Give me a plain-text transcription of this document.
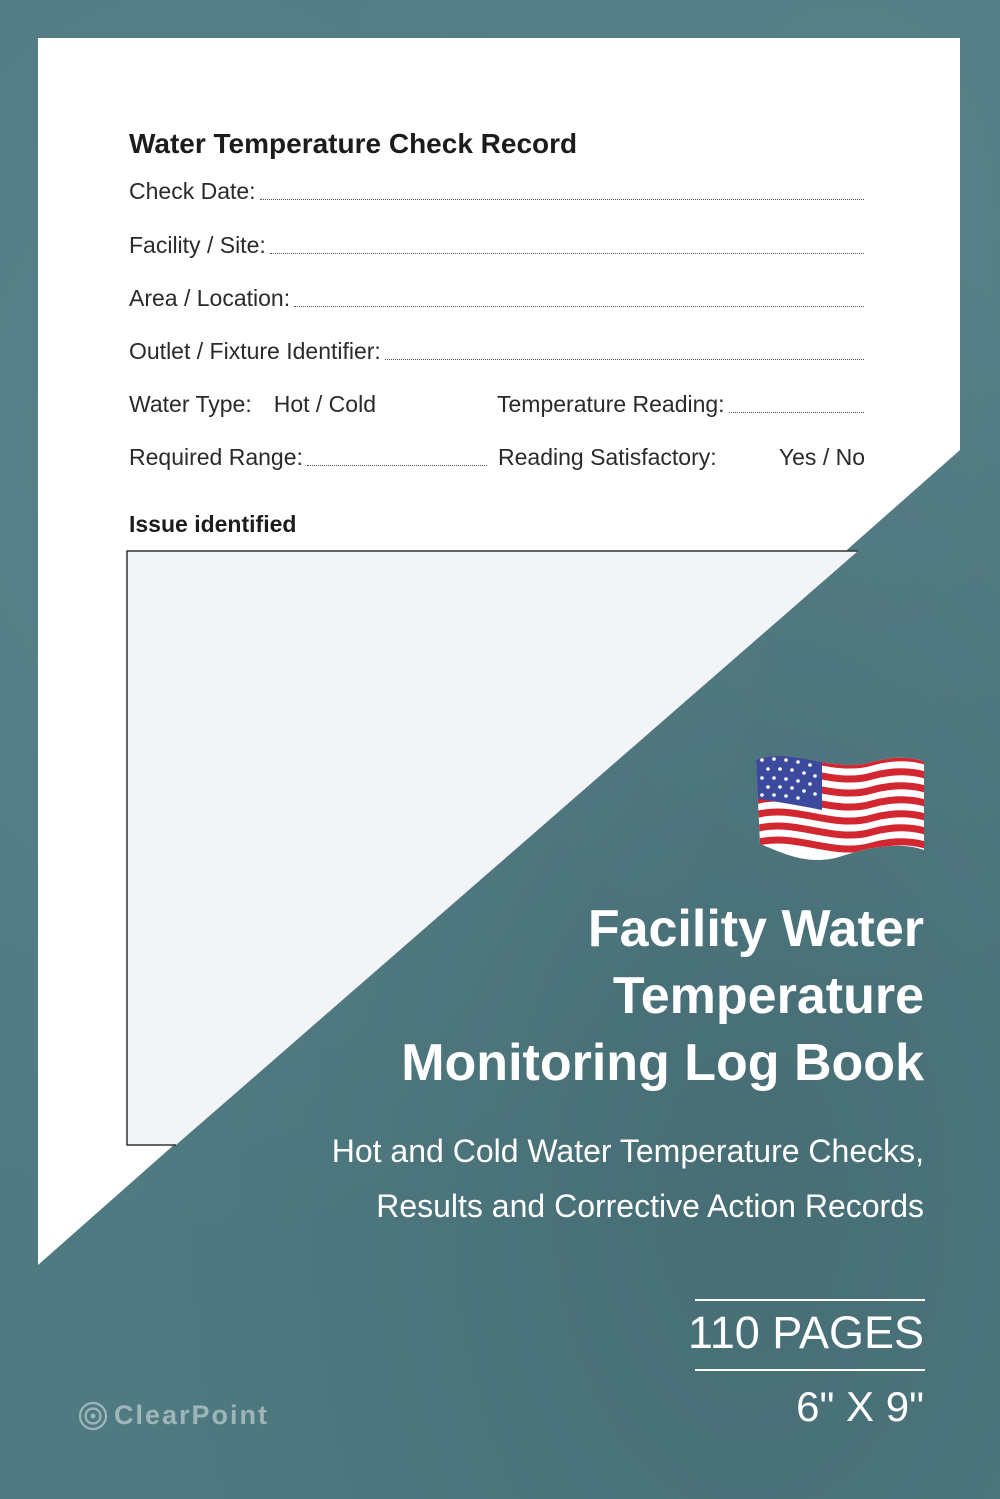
Water Temperature Check Record
Check Date:
Facility / Site:
Area / Location:
Outlet / Fixture Identifier:
Water Type: Hot / Cold	Temperature Reading:
Required Range:	Reading Satisfactory:	Yes / No
Issue identified
Facility Water
Temperature
Monitoring Log Book
Hot and Cold Water Temperature Checks,
Results and Corrective Action Records
110 PAGES
6" X 9"
ClearPoint
